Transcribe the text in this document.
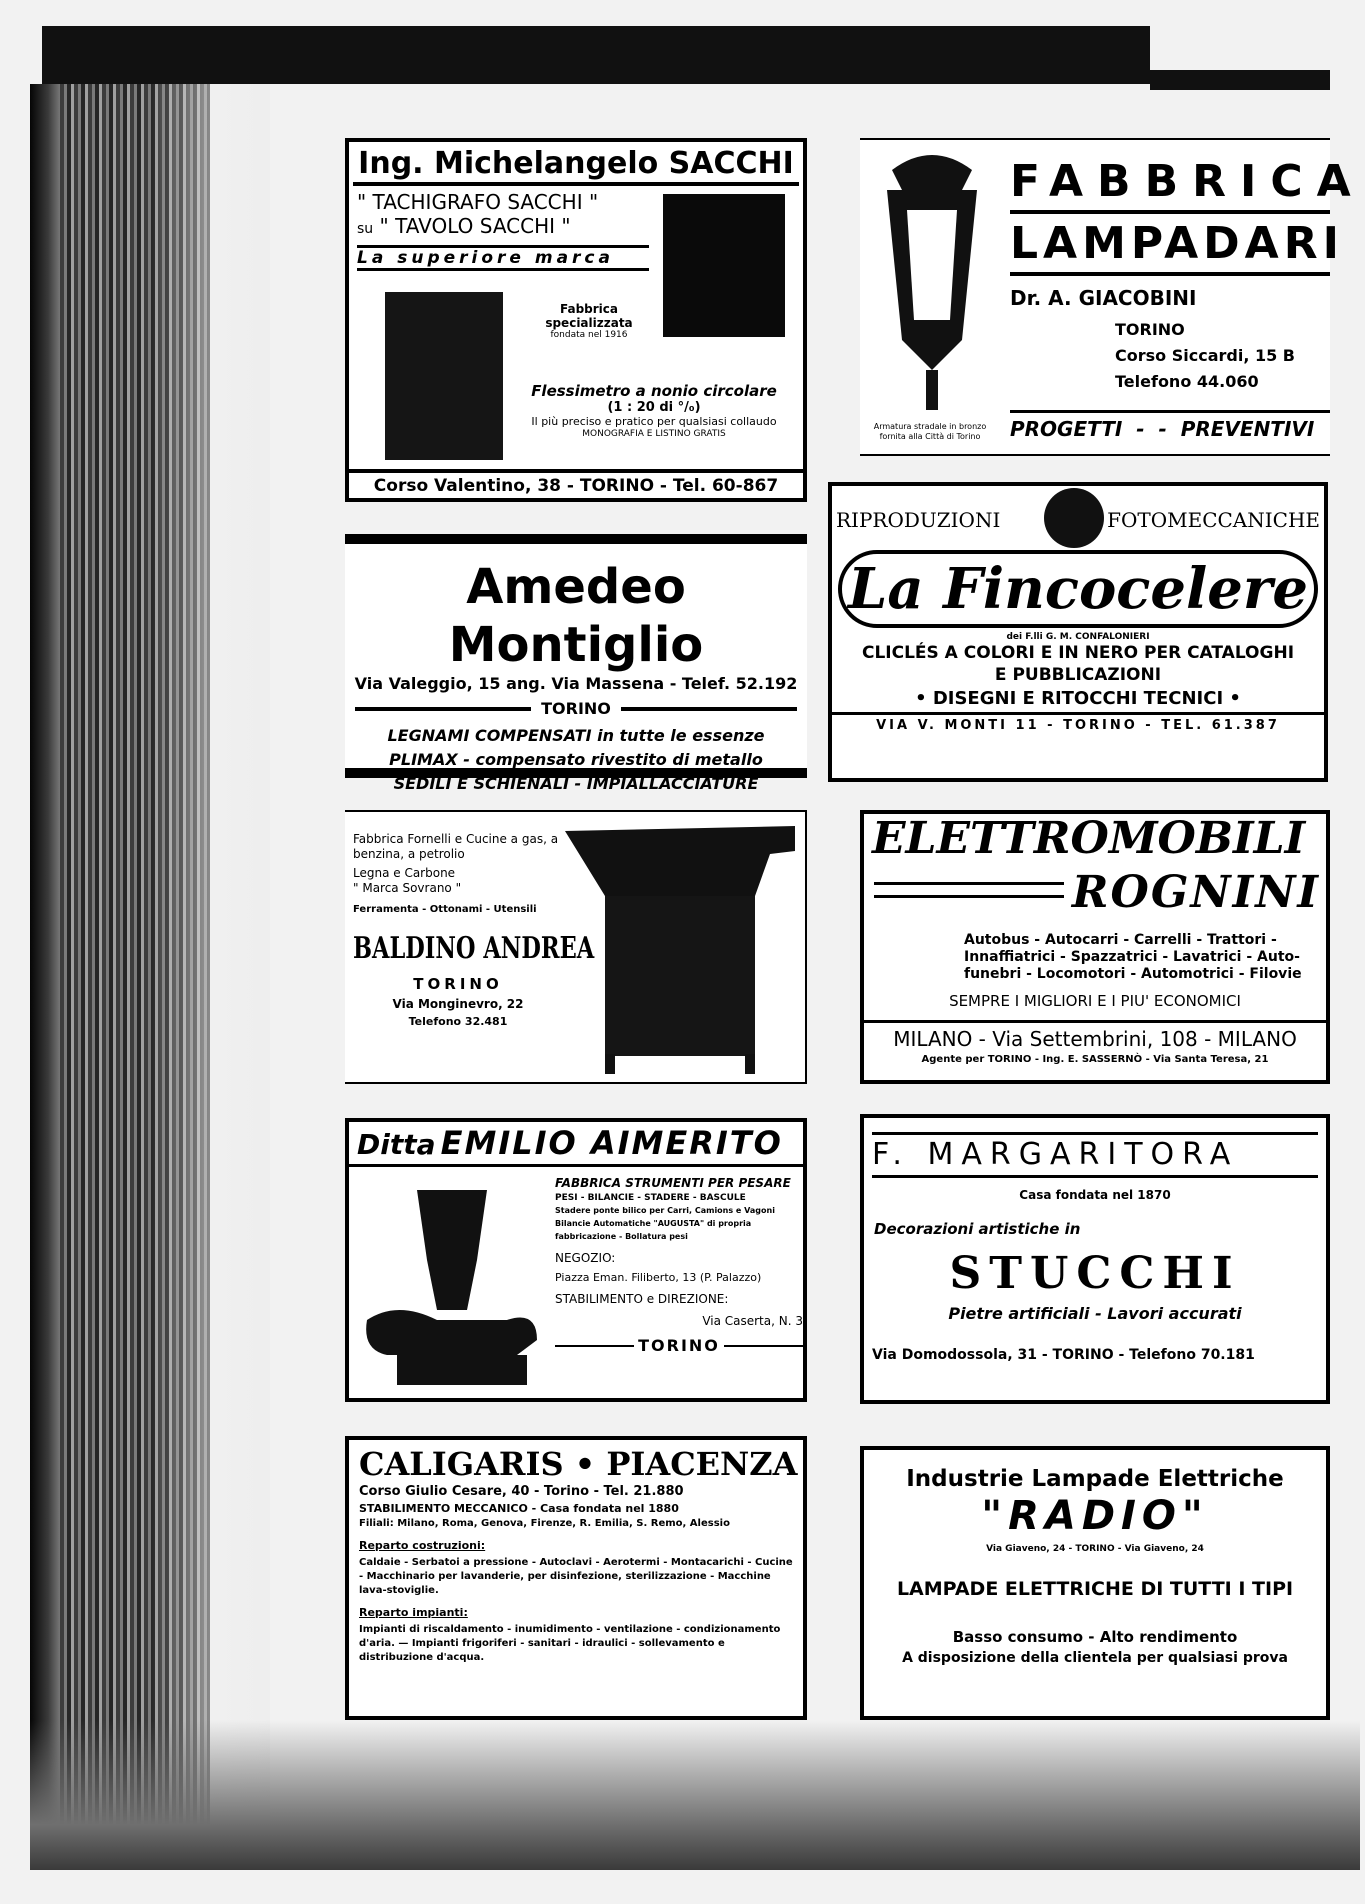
Ing. Michelangelo SACCHI
" TACHIGRAFO SACCHI "
su " TAVOLO SACCHI "
La superiore marca
Fabbrica
specializzata
fondata nel 1916
Flessimetro a nonio circolare
(1 : 20 di °/₀)
Il più preciso e pratico per qualsiasi collaudo
MONOGRAFIA E LISTINO GRATIS
Corso Valentino, 38 - TORINO - Tel. 60-867
Armatura stradale in bronzo fornita alla Città di Torino
FABBRICA
LAMPADARI
Dr. A. GIACOBINI
TORINO
Corso Siccardi, 15 B
Telefono 44.060
PROGETTI  -  -  PREVENTIVI
Amedeo Montiglio
Via Valeggio, 15 ang. Via Massena - Telef. 52.192
TORINO
LEGNAMI COMPENSATI in tutte le essenze
PLIMAX - compensato rivestito di metallo
SEDILI E SCHIENALI - IMPIALLACCIATURE
RIPRODUZIONI	FOTOMECCANICHE
La Fincocelere
dei F.lli G. M. CONFALONIERI
CLICLÉS A COLORI E IN NERO PER CATALOGHI
E PUBBLICAZIONI
• DISEGNI E RITOCCHI TECNICI •
VIA V. MONTI 11 - TORINO - TEL. 61.387
Fabbrica Fornelli e Cucine a gas, a benzina, a petrolio
Legna e Carbone
" Marca Sovrano "
Ferramenta - Ottonami - Utensili
BALDINO ANDREA
TORINO
Via Monginevro, 22
Telefono 32.481
ELETTROMOBILI
ROGNINI
Autobus - Autocarri - Carrelli - Trattori -
Innaffiatrici - Spazzatrici - Lavatrici - Auto-
funebri - Locomotori - Automotrici - Filovie
SEMPRE I MIGLIORI E I PIU' ECONOMICI
MILANO - Via Settembrini, 108 - MILANO
Agente per TORINO - Ing. E. SASSERNÒ - Via Santa Teresa, 21
Ditta EMILIO AIMERITO
FABBRICA STRUMENTI PER PESARE
PESI - BILANCIE - STADERE - BASCULE
Stadere ponte bilico per Carri, Camions e Vagoni
Bilancie Automatiche "AUGUSTA" di propria fabbricazione - Bollatura pesi
NEGOZIO:
Piazza Eman. Filiberto, 13 (P. Palazzo)
STABILIMENTO e DIREZIONE:
Via Caserta, N. 3
TORINO
F. MARGARITORA
Casa fondata nel 1870
Decorazioni artistiche in
STUCCHI
Pietre artificiali - Lavori accurati
Via Domodossola, 31 - TORINO - Telefono 70.181
CALIGARIS • PIACENZA
Corso Giulio Cesare, 40 - Torino - Tel. 21.880
STABILIMENTO MECCANICO - Casa fondata nel 1880
Filiali: Milano, Roma, Genova, Firenze, R. Emilia, S. Remo, Alessio
Reparto costruzioni:
Caldaie - Serbatoi a pressione - Autoclavi - Aerotermi - Montacarichi - Cucine - Macchinario per lavanderie, per disinfezione, sterilizzazione - Macchine lava-stoviglie.
Reparto impianti:
Impianti di riscaldamento - inumidimento - ventilazione - condizionamento d'aria. — Impianti frigoriferi - sanitari - idraulici - sollevamento e distribuzione d'acqua.
Industrie Lampade Elettriche
"RADIO"
Via Giaveno, 24 - TORINO - Via Giaveno, 24
LAMPADE ELETTRICHE DI TUTTI I TIPI
Basso consumo - Alto rendimento
A disposizione della clientela per qualsiasi prova
